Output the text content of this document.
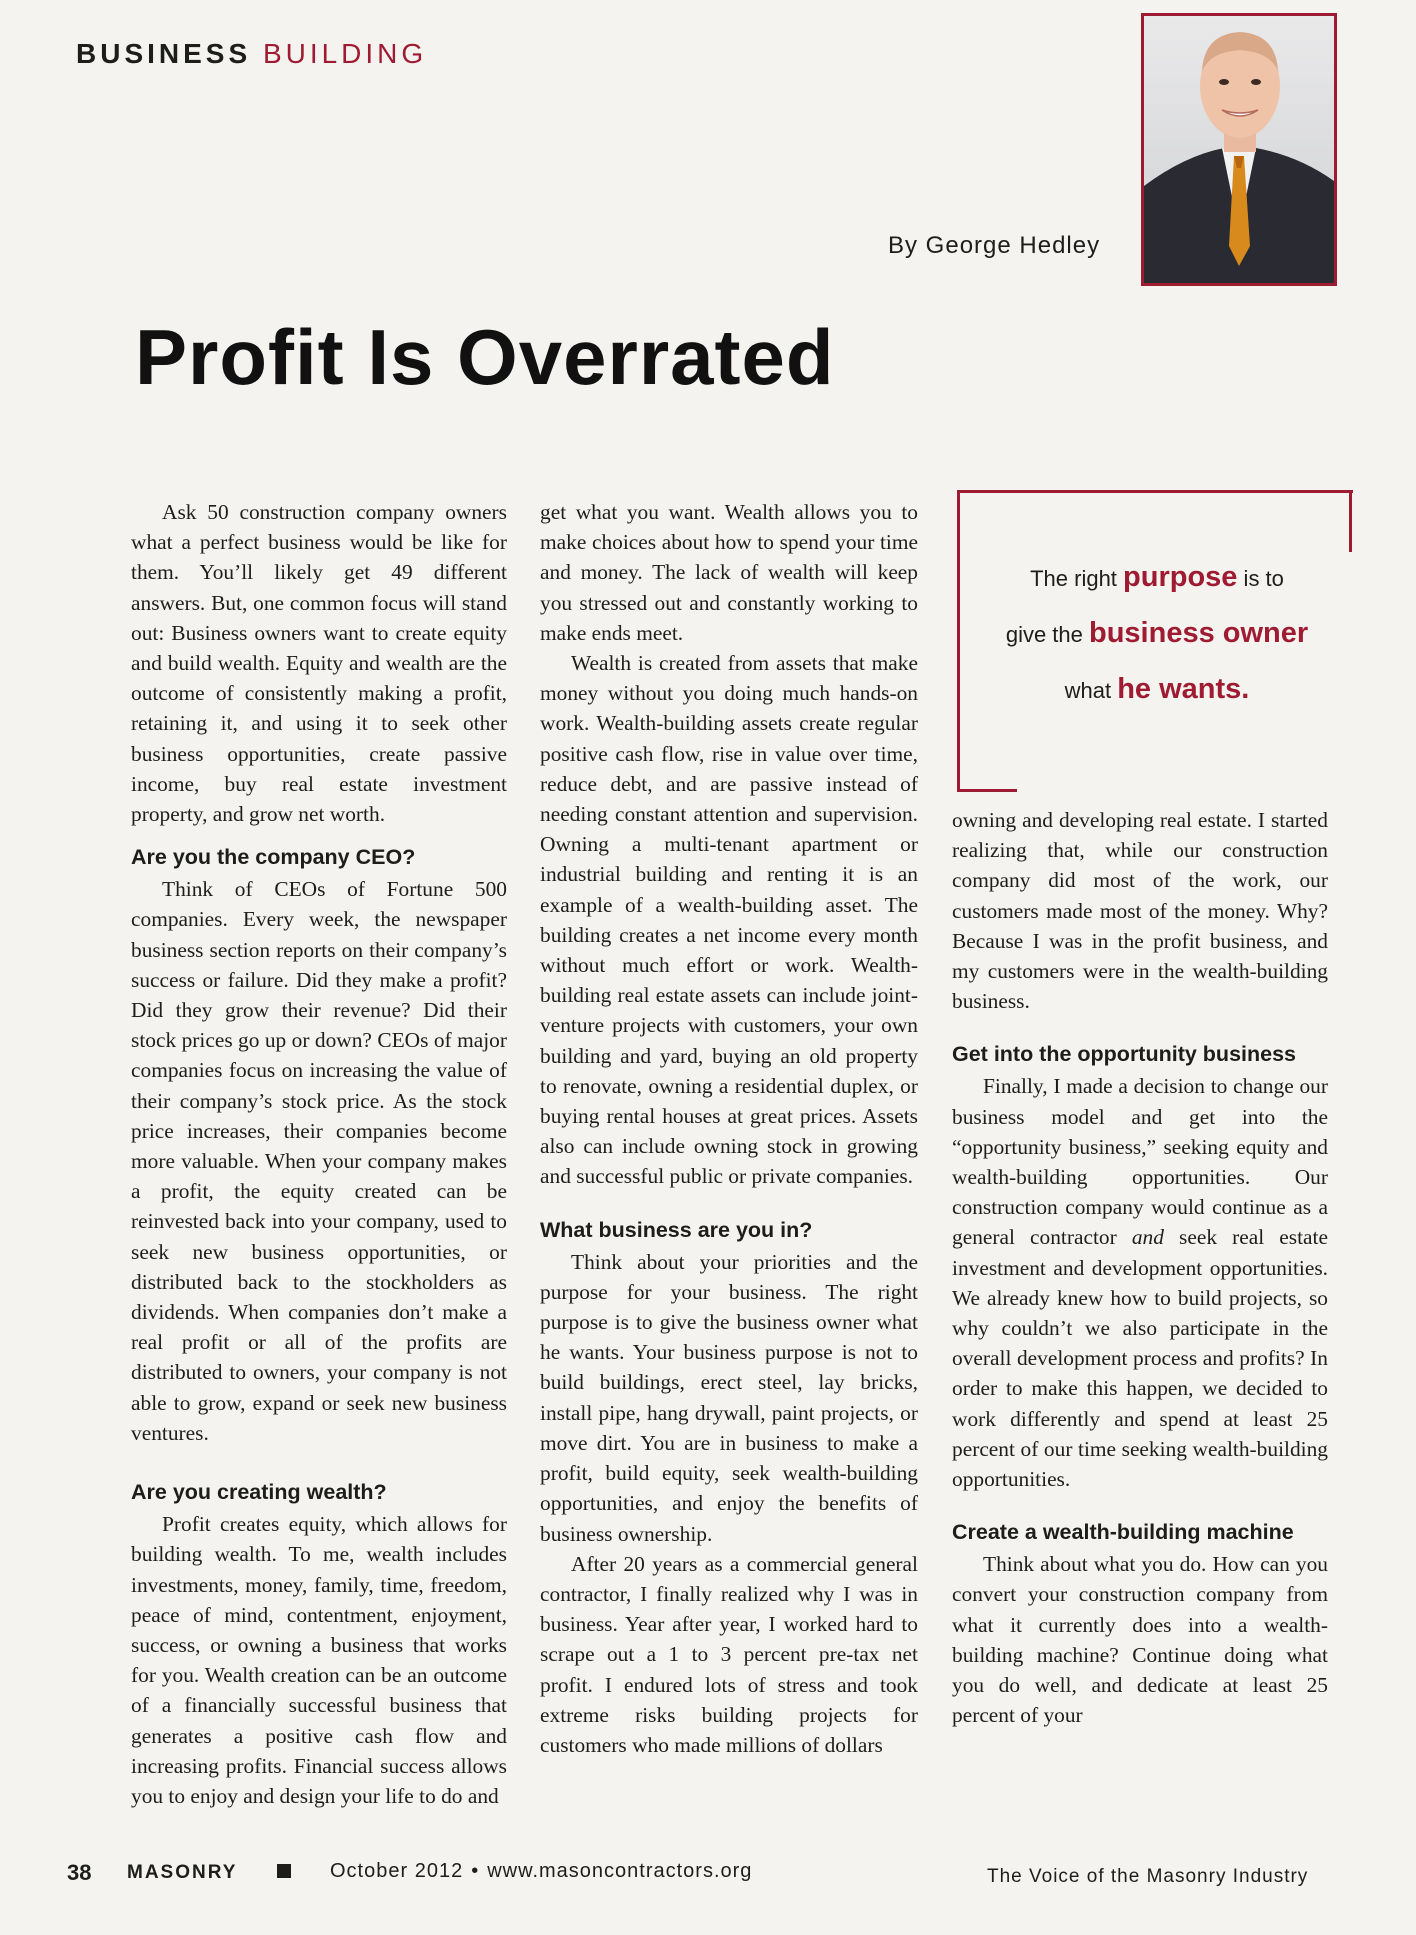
BUSINESS BUILDING
By George Hedley
Profit Is Overrated

Ask 50 construction company owners what a perfect business would be like for them. You’ll likely get 49 different answers. But, one common focus will stand out: Business owners want to create equity and build wealth. Equity and wealth are the outcome of consistently making a profit, retaining it, and using it to seek other business opportunities, create passive income, buy real estate investment property, and grow net worth.

Are you the company CEO?

Think of CEOs of Fortune 500 companies. Every week, the newspaper business section reports on their company’s success or failure. Did they make a profit? Did they grow their revenue? Did their stock prices go up or down? CEOs of major companies focus on increasing the value of their company’s stock price. As the stock price increases, their companies become more valuable. When your company makes a profit, the equity created can be reinvested back into your company, used to seek new business opportunities, or distributed back to the stockholders as dividends. When companies don’t make a real profit or all of the profits are distributed to owners, your company is not able to grow, expand or seek new business ventures.

Are you creating wealth?

Profit creates equity, which allows for building wealth. To me, wealth includes investments, money, family, time, freedom, peace of mind, contentment, enjoyment, success, or owning a business that works for you. Wealth creation can be an outcome of a financially successful business that generates a positive cash flow and increasing profits. Financial success allows you to enjoy and design your life to do and

get what you want. Wealth allows you to make choices about how to spend your time and money. The lack of wealth will keep you stressed out and constantly working to make ends meet.

Wealth is created from assets that make money without you doing much hands-on work. Wealth-building assets create regular positive cash flow, rise in value over time, reduce debt, and are passive instead of needing constant attention and supervision. Owning a multi-tenant apartment or industrial building and renting it is an example of a wealth-building asset. The building creates a net income every month without much effort or work. Wealth-building real estate assets can include joint-venture projects with customers, your own building and yard, buying an old property to renovate, owning a residential duplex, or buying rental houses at great prices. Assets also can include owning stock in growing and successful public or private companies.

What business are you in?

Think about your priorities and the purpose for your business. The right purpose is to give the business owner what he wants. Your business purpose is not to build buildings, erect steel, lay bricks, install pipe, hang drywall, paint projects, or move dirt. You are in business to make a profit, build equity, seek wealth-building opportunities, and enjoy the benefits of business ownership.

After 20 years as a commercial general contractor, I finally realized why I was in business. Year after year, I worked hard to scrape out a 1 to 3 percent pre-tax net profit. I endured lots of stress and took extreme risks building projects for customers who made millions of dollars

The right purpose is to
give the business owner
what he wants.

owning and developing real estate. I started realizing that, while our construction company did most of the work, our customers made most of the money. Why? Because I was in the profit business, and my customers were in the wealth-building business.

Get into the opportunity business

Finally, I made a decision to change our business model and get into the “opportunity business,” seeking equity and wealth-building opportunities. Our construction company would continue as a general contractor and seek real estate investment and development opportunities. We already knew how to build projects, so why couldn’t we also participate in the overall development process and profits? In order to make this happen, we decided to work differently and spend at least 25 percent of our time seeking wealth-building opportunities.

Create a wealth-building machine

Think about what you do. How can you convert your construction company from what it currently does into a wealth-building machine? Continue doing what you do well, and dedicate at least 25 percent of your

38 MASONRY	October 2012 • www.masoncontractors.org	The Voice of the Masonry Industry
